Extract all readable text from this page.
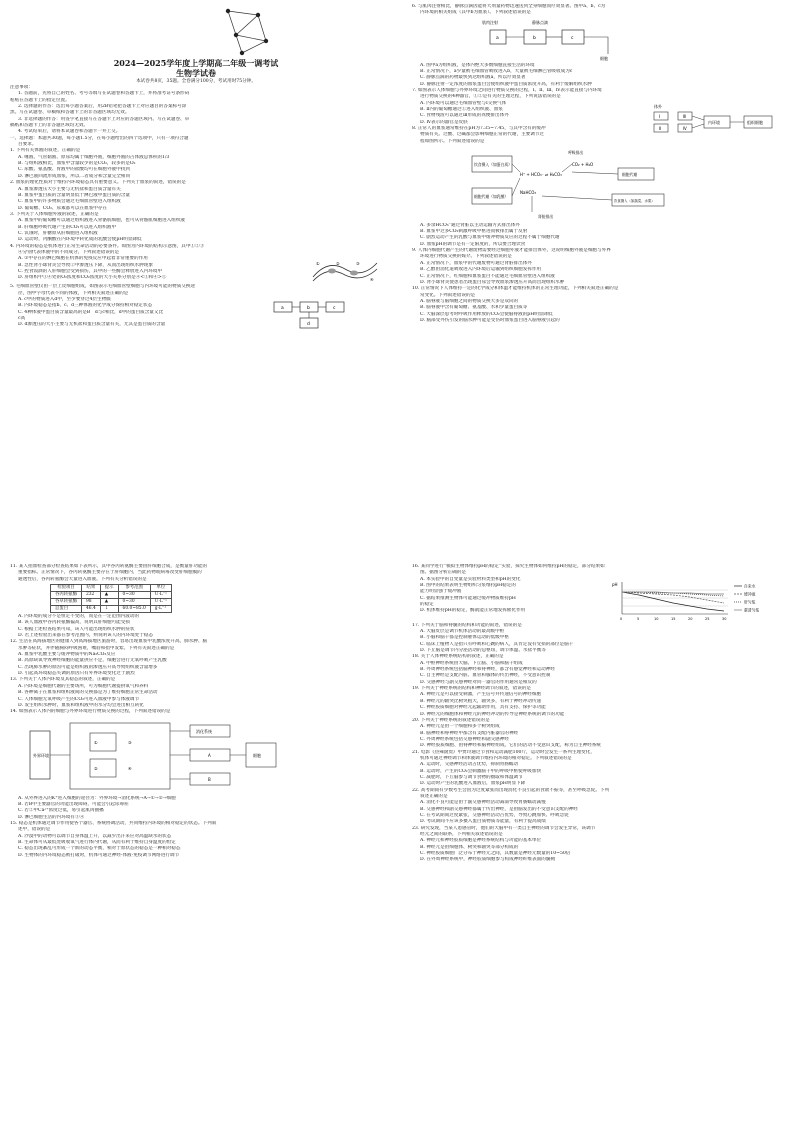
2024—2025学年度上学期高二年级一调考试
生物学试卷
本试卷共8页，35题。全卷满分100分，考试用时75分钟。
注意事项：
1. 答题前，先将自己的姓名、考号等填写在试题卷和答题卡上，并将准考证号条形码
粘贴在答题卡上的指定位置。
2. 选择题的作答：选出每小题答案后，用2B铅笔把答题卡上对应题目的答案标号涂
黑。写在试题卷、草稿纸和答题卡上的非答题区域均无效。
3. 非选择题的作答：用签字笔直接写在答题卡上对应的答题区域内。写在试题卷、草
稿纸和答题卡上的非答题区域均无效。
4. 考试结束后，请将本试题卷和答题卡一并上交。
一、选择题：本题共30题，每小题1.5分，在每小题给出的四个选项中，只有一项符合题
目要求。
1. 下列有关体液的叙述，正确的是
A. 唾液、气管黏液、原尿均属于细胞外液，细胞外液的占体液总体积的1/3
B. 与组织液相比，血浆中含量较少的是CO₂，较多的是O₂
C. 尿酸、氨基酸、胃液中的盐酸均可在细胞外液中找到
D. 淋巴液回流形成血浆，所以二者成分和含量完全相同
2. 血浆的理化性质对于维持内环境稳态具有重要意义。下列关于血浆的叙述，错误的是
A. 血浆渗透压大小主要与无机盐和蛋白质含量有关
B. 血浆中蛋白质的含量明显低于淋巴液中蛋白质的含量
C. 血浆中的许多物质会通过毛细血管壁进入组织液
D. 葡萄糖、CO₂、尿素都可以在血浆中存在
3. 下列关于人体细胞外液的叙述，正确的是
A. 血浆中的葡萄糖可以通过组织液进入骨骼肌细胞，也可从骨骼肌细胞进入组织液
B. 肝细胞呼吸代谢产生的CO₂可以进入组织液中
C. 饥饿时，肝糖原从肝细胞进入组织液
D. 运动时，丙酮酸在内环境中转化成的乳酸会使pH明显降低
4. 内环境的稳态是机体进行正常生命活动的必要条件。如图为内环境的结构示意图，其中①②③
④分别代表体液中的不同成分，下列叙述错误的是
A. ①中存在的淋巴细胞在机体的免疫反应中起着非常重要的作用
B. 急性肾小球肾炎会导致②中渗透压下降，从而出现组织水肿现象
C. 控食饭酒的人肝细胞会受到损伤，其中的一些酶会释放进入内环境中
D. 肝组织中①④处的O₂浓度和CO₂浓度的大小关系分别是④<①和④>①
①	②	③
④
5. 毛细血管壁仅由一层上皮细胞组成，如图表示毛细血管壁细胞与内环境可能的物质交换途
径，图中字母代表不同的体液，下列相关叙述正确的是
A. c中的物质进入d中，至少要穿过4层生物膜
B. 内环境稳态是指b、c、d三种体液的化学成分保持相对稳定状态
C. 4种体液中蛋白质含量最高的是B　d与c相比，d中的蛋白质含量又比
c高
D. d渗透压的大小主要与无机盐和蛋白质含量有关，尤其是蛋白质的含量
a	b	c
d
6. 与肌肉注射相比，静脉点滴因能将大剂量药物迅速送到全身细胞而疗效显著。图中a、b、c为
内环境的相关组成（其中b为血浆）。下列叙述错误的是
肌肉注射	静脉点滴
a	b	c
细胞
A. 图中a为组织液，是体内绝大多数细胞直接生活的环境
B. 正常情况下，a少量被毛细血管吸收进入b，大量被毛细淋巴管吸收成为c
C. 静脉点滴的药物最快到达组织液a，所以疗效显著
D. 静脉注射一定浓度的血浆蛋白会使组织液中蛋白质浓度升高，有利于缓解组织水肿
7. 如图表示人体细胞与外界环境之间进行物质交换的过程，Ⅰ、Ⅱ、Ⅲ、Ⅳ表示能直接与内环境
进行物质交换的4种器官，①②是有关的生理过程，下列说法错误的是
A. 内环境可以通过毛细血管壁与Ⅰ交换气体
B. Ⅱ内的葡萄糖通过①进入组织液、血浆
C. 食物残渣可以通过Ⅲ形成的粪便排出体外
D. Ⅳ表示的器官是皮肤
8. 正常人的血浆通常维持在pH为7.35~7.45，与其中含有的缓冲
物质有关。过酸、过碱都会影响细胞正常的代谢，主要调节过
程如图所示。下列叙述错误的是
体外
Ⅰ
Ⅱ
Ⅲ
Ⅳ
内环境	组织细胞
饮食摄入（如蛋白质）
细胞代谢（如乳酸）
H⁺ + HCO₃⁻ ⇌ H₂CO₃
CO₂ + H₂O
NaHCO₃
细胞代谢
呼吸排出
饮食摄入（如蔬菜、水果）
肾脏排出
A. 多余HCO₃⁻通过肾脏以主动运输方式排出体外
B. 血浆中过多CO₂刺激呼吸中枢进而被排出属于反射
C. 剧烈运动产生的乳酸与血浆中缓冲物质反应的过程不属于细胞代谢
D. 血浆pH的调节是有一定限度的，所以要合理饮食
9. 人体内细胞代谢产生的代谢废物需要经过细胞外液才能排出体外，这说明细胞外液是细胞与外界
环境进行物质交换的媒介。下列叙述错误的是
A. 正常情况下，血浆中的代谢废物可通过肾脏排出体外
B. 乙醇由消化道吸收进入内环境后运输到组织细胞发挥作用
C. 正常情况下，红细胞和血浆蛋白不能通过毛细血管壁进入组织液
D. 肾小球肾炎使患者出现蛋白尿会导致血浆渗透压升高而出现组织水肿
10. 正常情况下人体维持一定的化学成分和体温才能维持机体的正常生理功能，下列相关叙述正确的是
常变化。下列叙述错误的是
A. 脑脊液与脑细胞之间的物质交换大多是双向的
B. 脑脊液中含有葡萄糖、氨基酸、水和少量蛋白质等
C. 大脑深层思考时呼吸作用释放的CO₂会使脑脊液的pH明显降低
D. 脑部受外伤引发的脑水肿可能是受伤时血浆蛋白进入脑脊液引起的
11. 某人拍血检查部分检查结果如下表所示，其中谷丙转氨酶主要由肝细胞合成，是衡量肝功能的
重要指标。正常情况下，谷丙转氨酶主要存在于肝细胞内，当此药物或病毒改变肝细胞膜的
通透性后，谷丙转氨酶会大量进入血液。下列有关分析错误的是
检验项目	结果	提示	参考范围	单位
谷丙转氨酶	232	▲	0~30	U·L⁻¹
谷草转氨酶	98	▲	0~30	U·L⁻¹
总蛋白	46.4	↓	60.0~85.0	g·L⁻¹
A. 内环境的成分不是恒定不变的，而是在一定范围内波动的
B. 该人血液中谷丙转氨酶偏高，说明其肝细胞可能受损
C. 根据上述检查结果可知，该人可能出现组织水肿的症状
D. 若上述检验出来都在参考范围内，则说明该人的内环境处于稳态
12. 生活在高海拔地区的健康人到高海拔地区旅游时，容易出现血浆中乳酸浓度升高、肺水肿、脑
水肿等症状，并伴随胸闷呼吸困难，嘴唇和指甲发紫。下列有关叙述正确的是
A. 血浆中乳酸主要与缓冲物质中的Na₂CO₃反应
B. 高原缺氧导致神经细胞的能量供应不足，细胞会进行无氧呼吸产生乳酸
C. 出现肺水肿的原因可能是组织液的渗透压升高导致组织液含量增多
D. 引起高环境稳态失调的原因只有外界环境变化过于剧烈
13. 下列关于人体内环境及其稳态的叙述，正确的是
A. 内环境是细胞代谢的主要场所，可为细胞代谢提供氧气和养料
B. 各种离子在血浆和组织液间的交换都是为了维持细胞正常生命活动
C. 人体细胞无氧呼吸产生的CO₂可进入血液中参与体液调节
D. 发生组织水肿时，血浆和组织液中的水分均会进出相互转化
14. 如图表示人体内的细胞与外界环境进行物质交换的过程，下列叙述错误的是
外界环境
①
②
③
④
消化系统
A
B
细胞
A. 从外界进入的K⁺进入细胞的途径为：外界环境→消化系统→A→①→②→细胞
B. 若B中主要器官的功能出现障碍，可能会引起尿毒症
C. 若②中Ca²⁺浓度过低，易引起肌肉抽搐
D. 淋巴细胞生活的内环境有③④
15. 稳态是机体通过调节作用使各个器官、系统协调活动，共同维持内环境的相对稳定的状态。下列叙
述中，错误的是
A. 沙漠中的动物可以调节自身体温上升，以减少出汗来应对高温缺水的状态
B. 生命体可从最低处吸收氧气进行体内代谢，从而有利于维持自身温度的恒定
C. 稳态出现紊乱可形成一个新的动态平衡，相对于原状态的稳态是一种相对稳态
D. 生物体的内环境稳态被打破时，机体可通过神经-体液-免疫调节网络进行调节
16. 某同学进行“模拟生物体维持pH的稳定”实验，探究生物体如何维持pH的稳定，部分结果如
图。据图分析正确的是
A. 本实验中的自变量是实验材料类型和pH的变化
B. 图中的结果表明生物组织匀浆维持pH稳定的
能力明显强于缓冲液
C. 据结果推测生物体可能通过缓冲物质维持pH
的稳定
D. 机体维持pH的稳定，酶就能正常地发挥催化作用
pH
0	5	10	15	20	25	30
自来水
缓冲液
肝匀浆
蛋清匀浆
17. 下列关于脑和脊髓的结构和功能的叙述，错误的是
A. 大脑皮层是调节机体活动的最高级中枢
B. 小脑和脑干都是控制躯体运动的低级中枢
C. 临床上植物人是指只有呼吸和心跳的病人，其肯定没有受损的部位是脑干
D. 下丘脑是调节内分泌活动的总枢纽，调节体温、水盐平衡等
18. 关于人体神经系统结构的叙述，正确的是
A. 中枢神经系统由大脑、下丘脑、小脑和脑干组成
B. 外周神经系统包括脑神经和脊神经，都含有感觉神经和运动神经
C. 自主神经是支配内脏、血管和腺体的传出神经，不受意识控制
D. 交感神经与副交感神经对同一器官的作用通常是相反的
19. 下列关于神经系统的结构和神经调节的叙述，错误的是
A. 神经元是可以接受刺激，产生信号并传递信号的神经细胞
B. 神经元的轴突比树突粗大，轴突多，有利于神经冲动传递
C. 神经胶质细胞对神经元起辅助作用，具有支持、保护等功能
D. 神经元的细胞体和神经元的神经冲动的传导是神经系统的调节的功能
20. 下列关于神经系统的叙述错误的是
A. 神经元是由一个细胞和多个树突组成
B. 脑神经和脊神经中都含有支配内脏器官的神经
C. 外周神经系统包括交感神经和副交感神经
D. 神经胶质细胞、由脊神经和脑神经组成，它们的活动不受意识支配，称为自主神经系统
21. 电影《热辣滚烫》中贾玲通过节食和运动减肥100斤，运动时会发生一系列生理变化，
机体可通过神经调节和体液调节维持内环境的相对稳定。下列叙述错误的是
A. 运动时，交感神经活动占优势，抑制胃肠蠕动
B. 运动时，产生的CO₂会刺激脑干中的呼吸中枢使呼吸加快
C. 减肥时，下丘脑参与调节食物的摄取和体温调节
D. 运动时产生的乳酸进入血液后，血浆pH明显下降
22. 高考期间有少数考生会因为过度紧张而出现消化不良引起的食欲不振等，甚至呼吸急促。下列
叙述正确的是
A. 消化不良可能是由于副交感神经活动减弱导致胃肠蠕动减慢
B. 交感神经和副交感神经都属于传出神经，是由脑发出的不受意识支配的神经
C. 在考试期间过度紧张，交感神经活动占优势，导致心跳加快、呼吸急促
D. 考试期间不应该多摄入蛋白质物质等能量，有利于提高成绩
23. 研究发现，当某人患感冒时，他们的大脑中有一类自主神经的调节会发生异常，该调节
经元之间的联系，下列相关叙述错误的是
A. 神经元和神经胶质细胞是神经系统结构与功能的基本单位
B. 神经元是由细胞体、树突和轴突等部分构成的
C. 神经胶质细胞广泛分布于神经元之间，其数量是神经元数量的10~50倍
D. 在外周神经系统中，神经胶质细胞参与构成神经纤维表面的髓鞘
